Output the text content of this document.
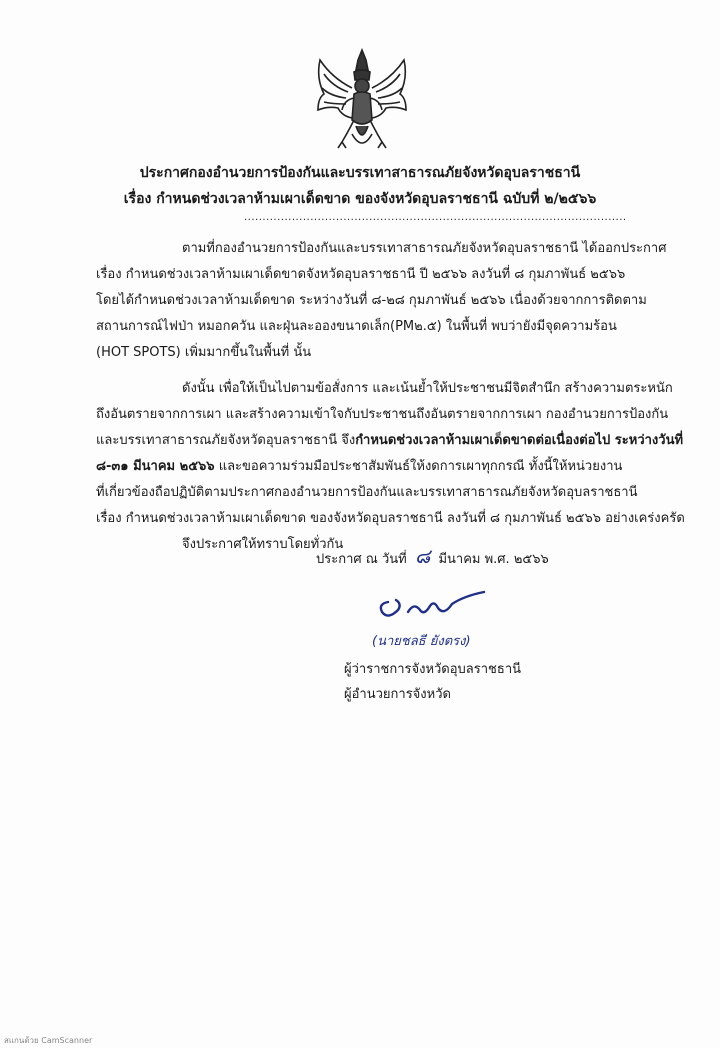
ประกาศกองอำนวยการป้องกันและบรรเทาสาธารณภัยจังหวัดอุบลราชธานี
เรื่อง กำหนดช่วงเวลาห้ามเผาเด็ดขาด ของจังหวัดอุบลราชธานี ฉบับที่ ๒/๒๕๖๖
........................................................................................................
ตามที่กองอำนวยการป้องกันและบรรเทาสาธารณภัยจังหวัดอุบลราชธานี ได้ออกประกาศ
เรื่อง กำหนดช่วงเวลาห้ามเผาเด็ดขาดจังหวัดอุบลราชธานี ปี ๒๕๖๖ ลงวันที่ ๘ กุมภาพันธ์ ๒๕๖๖
โดยได้กำหนดช่วงเวลาห้ามเด็ดขาด ระหว่างวันที่ ๘-๒๘ กุมภาพันธ์ ๒๕๖๖ เนื่องด้วยจากการติดตาม
สถานการณ์ไฟป่า หมอกควัน และฝุ่นละอองขนาดเล็ก(PM๒.๕) ในพื้นที่ พบว่ายังมีจุดความร้อน
(HOT SPOTS) เพิ่มมากขึ้นในพื้นที่ นั้น
ดังนั้น เพื่อให้เป็นไปตามข้อสั่งการ และเน้นย้ำให้ประชาชนมีจิตสำนึก สร้างความตระหนัก
ถึงอันตรายจากการเผา และสร้างความเข้าใจกับประชาชนถึงอันตรายจากการเผา กองอำนวยการป้องกัน
และบรรเทาสาธารณภัยจังหวัดอุบลราชธานี จึงกำหนดช่วงเวลาห้ามเผาเด็ดขาดต่อเนื่องต่อไป ระหว่างวันที่
๘-๓๑ มีนาคม ๒๕๖๖ และขอความร่วมมือประชาสัมพันธ์ให้งดการเผาทุกกรณี ทั้งนี้ให้หน่วยงาน
ที่เกี่ยวข้องถือปฏิบัติตามประกาศกองอำนวยการป้องกันและบรรเทาสาธารณภัยจังหวัดอุบลราชธานี
เรื่อง กำหนดช่วงเวลาห้ามเผาเด็ดขาด ของจังหวัดอุบลราชธานี ลงวันที่ ๘ กุมภาพันธ์ ๒๕๖๖ อย่างเคร่งครัด
จึงประกาศให้ทราบโดยทั่วกัน
ประกาศ ณ วันที่ ๘ มีนาคม พ.ศ. ๒๕๖๖
(นายชลธี ยังตรง)
ผู้ว่าราชการจังหวัดอุบลราชธานี
ผู้อำนวยการจังหวัด
สแกนด้วย CamScanner
